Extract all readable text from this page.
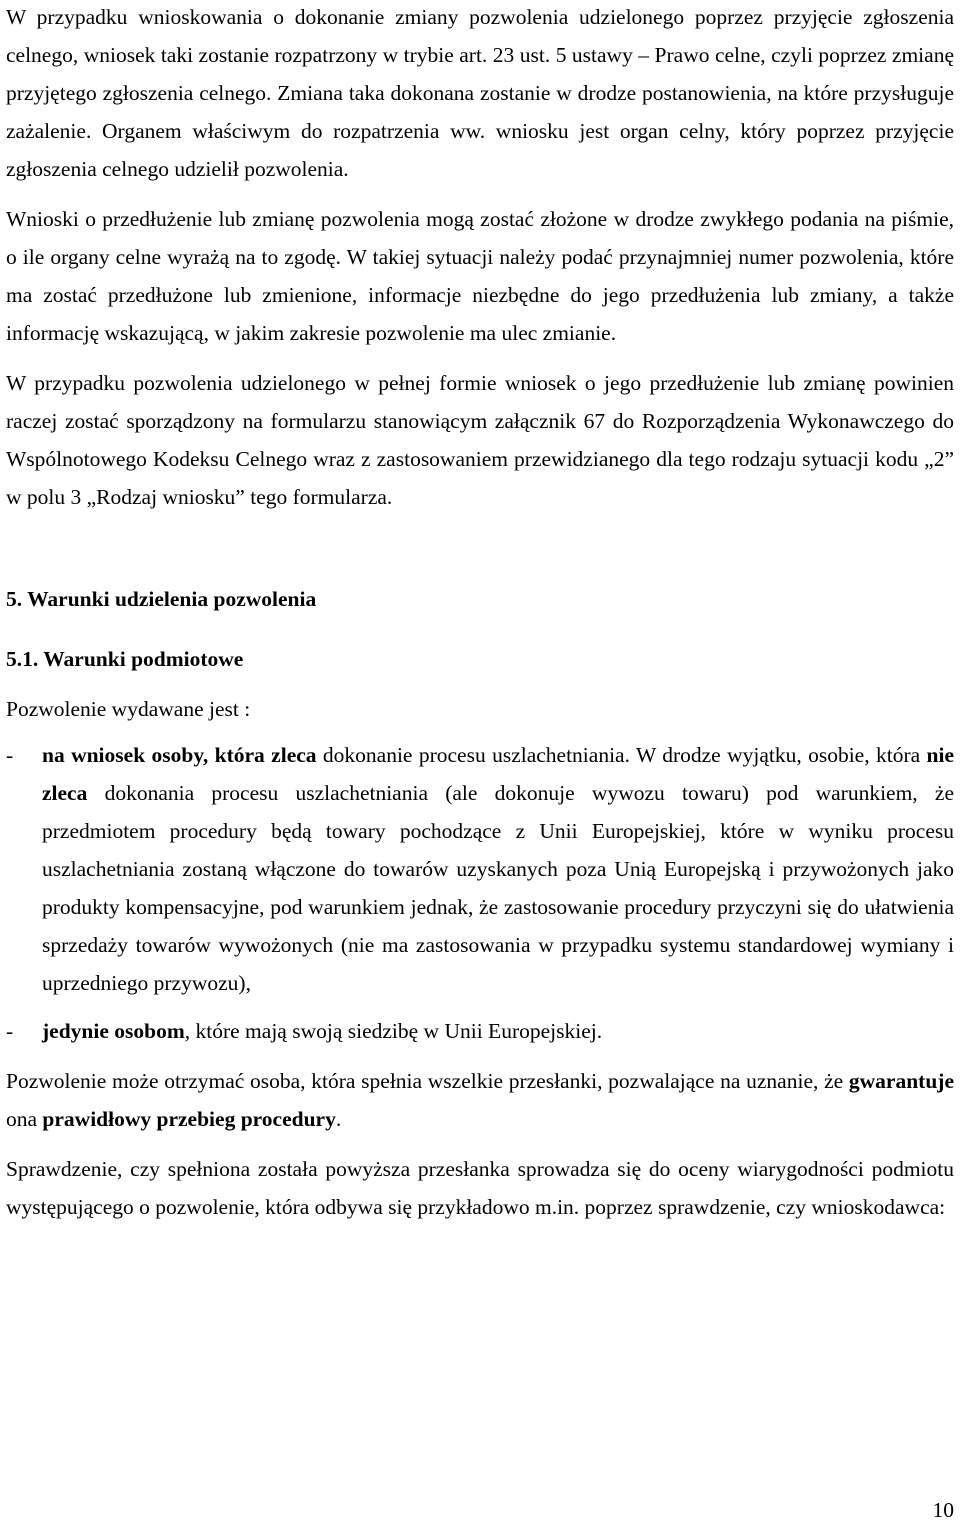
W przypadku wnioskowania o dokonanie zmiany pozwolenia udzielonego poprzez przyjęcie zgłoszenia celnego, wniosek taki zostanie rozpatrzony w trybie art. 23 ust. 5 ustawy – Prawo celne, czyli poprzez zmianę przyjętego zgłoszenia celnego. Zmiana taka dokonana zostanie w drodze postanowienia, na które przysługuje zażalenie. Organem właściwym do rozpatrzenia ww. wniosku jest organ celny, który poprzez przyjęcie zgłoszenia celnego udzielił pozwolenia.

Wnioski o przedłużenie lub zmianę pozwolenia mogą zostać złożone w drodze zwykłego podania na piśmie, o ile organy celne wyrażą na to zgodę. W takiej sytuacji należy podać przynajmniej numer pozwolenia, które ma zostać przedłużone lub zmienione, informacje niezbędne do jego przedłużenia lub zmiany, a także informację wskazującą, w jakim zakresie pozwolenie ma ulec zmianie.

W przypadku pozwolenia udzielonego w pełnej formie wniosek o jego przedłużenie lub zmianę powinien raczej zostać sporządzony na formularzu stanowiącym załącznik 67 do Rozporządzenia Wykonawczego do Wspólnotowego Kodeksu Celnego wraz z zastosowaniem przewidzianego dla tego rodzaju sytuacji kodu „2” w polu 3 „Rodzaj wniosku” tego formularza.

5. Warunki udzielenia pozwolenia

5.1. Warunki podmiotowe

Pozwolenie wydawane jest :

- na wniosek osoby, która zleca dokonanie procesu uszlachetniania. W drodze wyjątku, osobie, która nie zleca dokonania procesu uszlachetniania (ale dokonuje wywozu towaru) pod warunkiem, że przedmiotem procedury będą towary pochodzące z Unii Europejskiej, które w wyniku procesu uszlachetniania zostaną włączone do towarów uzyskanych poza Unią Europejską i przywożonych jako produkty kompensacyjne, pod warunkiem jednak, że zastosowanie procedury przyczyni się do ułatwienia sprzedaży towarów wywożonych (nie ma zastosowania w przypadku systemu standardowej wymiany i uprzedniego przywozu),
- jedynie osobom, które mają swoją siedzibę w Unii Europejskiej.

Pozwolenie może otrzymać osoba, która spełnia wszelkie przesłanki, pozwalające na uznanie, że gwarantuje ona prawidłowy przebieg procedury.

Sprawdzenie, czy spełniona została powyższa przesłanka sprowadza się do oceny wiarygodności podmiotu występującego o pozwolenie, która odbywa się przykładowo m.in. poprzez sprawdzenie, czy wnioskodawca:

10
